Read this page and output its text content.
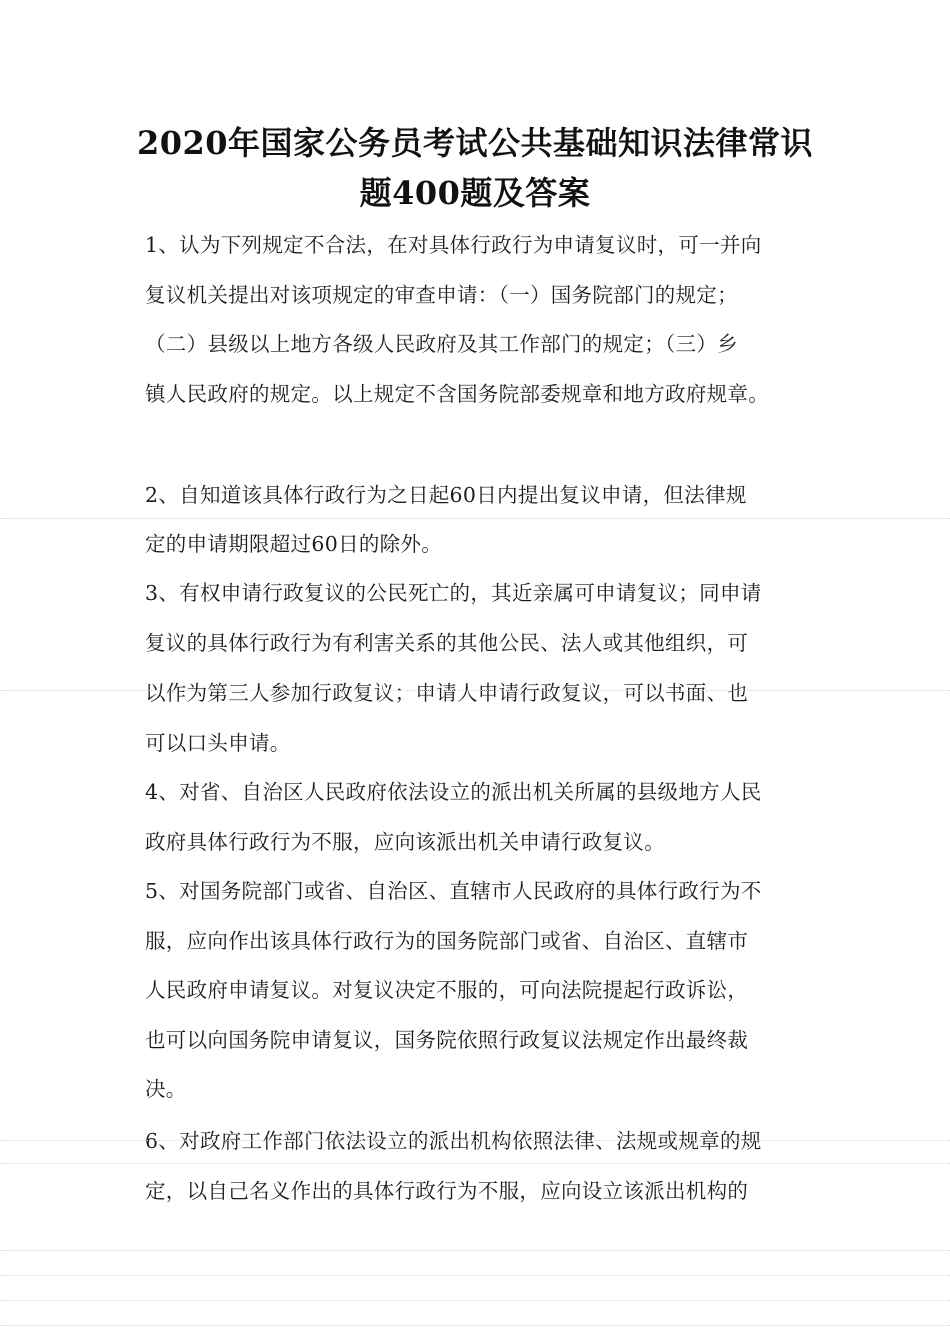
2020年国家公务员考试公共基础知识法律常识
题400题及答案
1、认为下列规定不合法，在对具体行政行为申请复议时，可一并向
复议机关提出对该项规定的审查申请：（一）国务院部门的规定；
（二）县级以上地方各级人民政府及其工作部门的规定；（三）乡
镇人民政府的规定。以上规定不含国务院部委规章和地方政府规章。
2、自知道该具体行政行为之日起60日内提出复议申请，但法律规
定的申请期限超过60日的除外。
3、有权申请行政复议的公民死亡的，其近亲属可申请复议；同申请
复议的具体行政行为有利害关系的其他公民、法人或其他组织，可
以作为第三人参加行政复议；申请人申请行政复议，可以书面、也
可以口头申请。
4、对省、自治区人民政府依法设立的派出机关所属的县级地方人民
政府具体行政行为不服，应向该派出机关申请行政复议。
5、对国务院部门或省、自治区、直辖市人民政府的具体行政行为不
服，应向作出该具体行政行为的国务院部门或省、自治区、直辖市
人民政府申请复议。对复议决定不服的，可向法院提起行政诉讼，
也可以向国务院申请复议，国务院依照行政复议法规定作出最终裁
决。
6、对政府工作部门依法设立的派出机构依照法律、法规或规章的规
定，以自己名义作出的具体行政行为不服，应向设立该派出机构的
